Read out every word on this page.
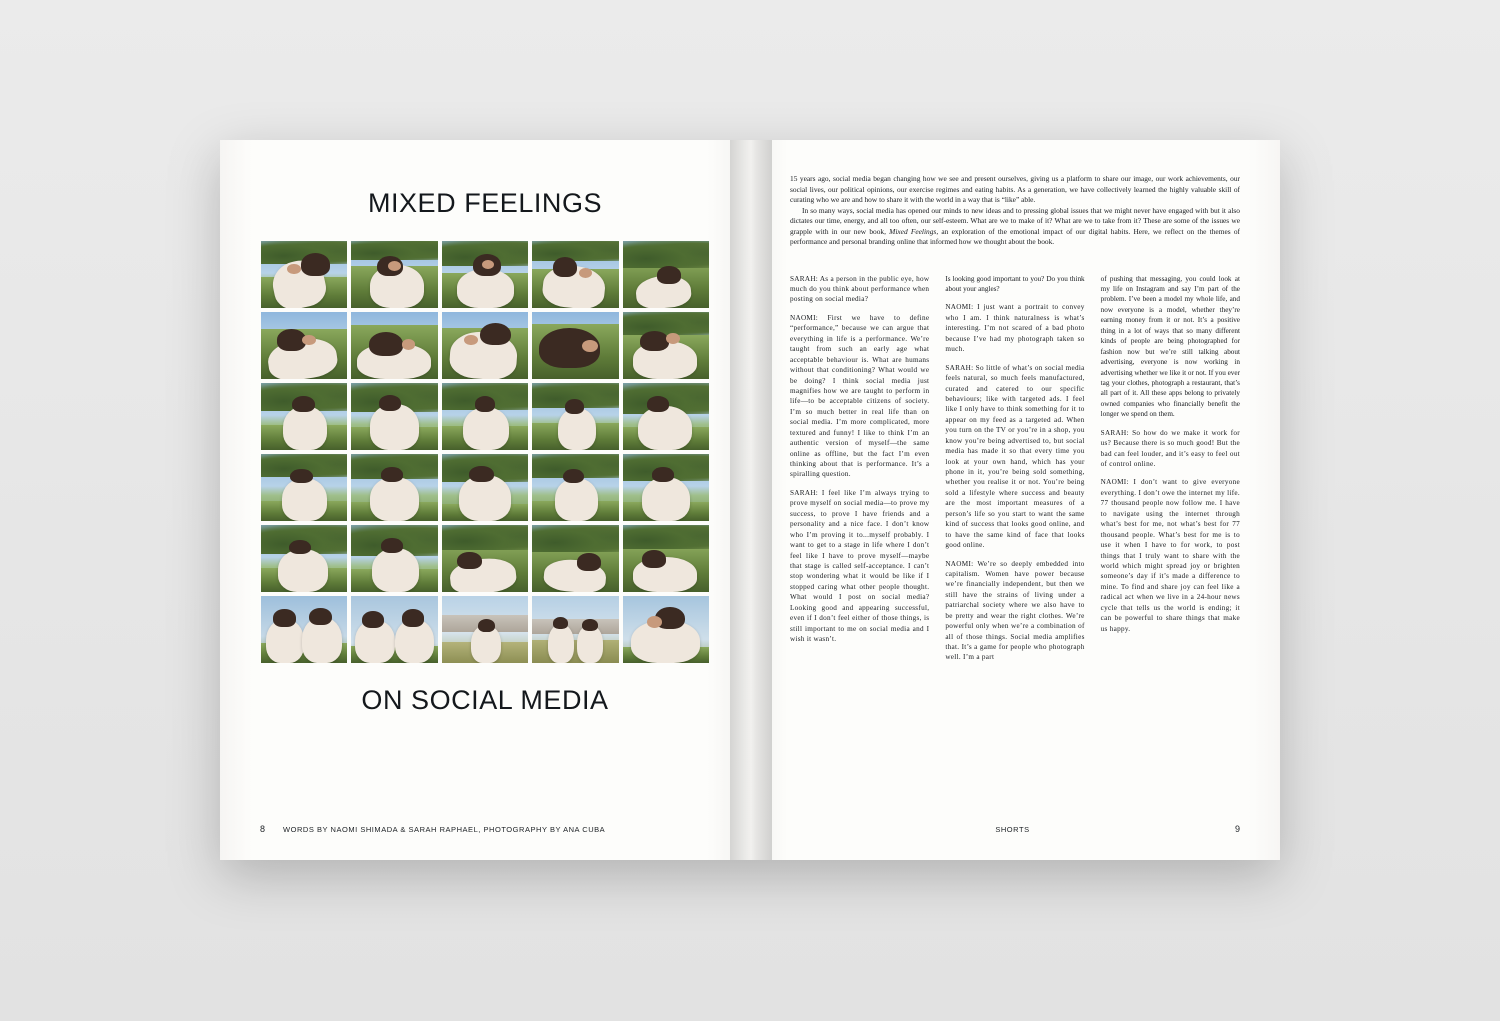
MIXED FEELINGS
ON SOCIAL MEDIA
8	WORDS BY NAOMI SHIMADA & SARAH RAPHAEL, PHOTOGRAPHY BY ANA CUBA

15 years ago, social media began changing how we see and present ourselves, giving us a platform to share our image, our work achievements, our social lives, our political opinions, our exercise regimes and eating habits. As a generation, we have collectively learned the highly valuable skill of curating who we are and how to share it with the world in a way that is “like” able.

In so many ways, social media has opened our minds to new ideas and to pressing global issues that we might never have engaged with but it also dictates our time, energy, and all too often, our self-esteem. What are we to make of it? What are we to take from it? These are some of the issues we grapple with in our new book, Mixed Feelings, an exploration of the emotional impact of our digital habits. Here, we reflect on the themes of performance and personal branding online that informed how we thought about the book.

SARAH: As a person in the public eye, how much do you think about performance when posting on social media?

NAOMI: First we have to define “performance,” because we can argue that everything in life is a performance. We’re taught from such an early age what acceptable behaviour is. What are humans without that conditioning? What would we be doing? I think social media just magnifies how we are taught to perform in life—to be acceptable citizens of society. I’m so much better in real life than on social media. I’m more complicated, more textured and funny! I like to think I’m an authentic version of myself—the same online as offline, but the fact I’m even thinking about that is performance. It’s a spiralling question.

SARAH: I feel like I’m always trying to prove myself on social media—to prove my success, to prove I have friends and a personality and a nice face. I don’t know who I’m proving it to...myself probably. I want to get to a stage in life where I don’t feel like I have to prove myself—maybe that stage is called self-acceptance. I can’t stop wondering what it would be like if I stopped caring what other people thought. What would I post on social media? Looking good and appearing successful, even if I don’t feel either of those things, is still important to me on social media and I wish it wasn’t.

Is looking good important to you? Do you think about your angles?

NAOMI: I just want a portrait to convey who I am. I think naturalness is what’s interesting. I’m not scared of a bad photo because I’ve had my photograph taken so much.

SARAH: So little of what’s on social media feels natural, so much feels manufactured, curated and catered to our specific behaviours; like with targeted ads. I feel like I only have to think something for it to appear on my feed as a targeted ad. When you turn on the TV or you’re in a shop, you know you’re being advertised to, but social media has made it so that every time you look at your own hand, which has your phone in it, you’re being sold something, whether you realise it or not. You’re being sold a lifestyle where success and beauty are the most important measures of a person’s life so you start to want the same kind of success that looks good online, and to have the same kind of face that looks good online.

NAOMI: We’re so deeply embedded into capitalism. Women have power because we’re financially independent, but then we still have the strains of living under a patriarchal society where we also have to be pretty and wear the right clothes. We’re powerful only when we’re a combination of all of those things. Social media amplifies that. It’s a game for people who photograph well. I’m a part

of pushing that messaging, you could look at my life on Instagram and say I’m part of the problem. I’ve been a model my whole life, and now everyone is a model, whether they’re earning money from it or not. It’s a positive thing in a lot of ways that so many different kinds of people are being photographed for fashion now but we’re still talking about advertising, everyone is now working in advertising whether we like it or not. If you ever tag your clothes, photograph a restaurant, that’s all part of it. All these apps belong to privately owned companies who financially benefit the longer we spend on them.

SARAH: So how do we make it work for us? Because there is so much good! But the bad can feel louder, and it’s easy to feel out of control online.

NAOMI: I don’t want to give everyone everything. I don’t owe the internet my life. 77 thousand people now follow me. I have to navigate using the internet through what’s best for me, not what’s best for 77 thousand people. What’s best for me is to use it when I have to for work, to post things that I truly want to share with the world which might spread joy or brighten someone’s day if it’s made a difference to mine. To find and share joy can feel like a radical act when we live in a 24-hour news cycle that tells us the world is ending; it can be powerful to share things that make us happy.

SHORTS	9
